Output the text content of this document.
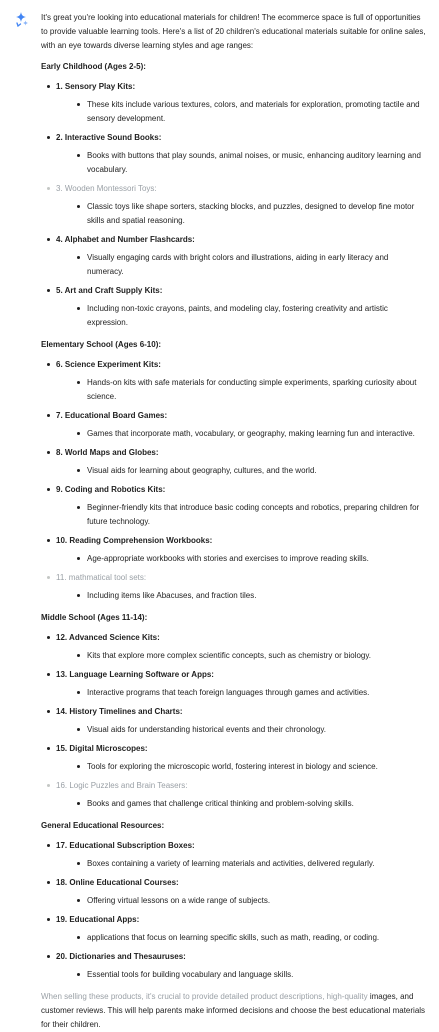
It's great you're looking into educational materials for children! The ecommerce space is full of opportunities to provide valuable learning tools. Here's a list of 20 children's educational materials suitable for online sales, with an eye towards diverse learning styles and age ranges:

Early Childhood (Ages 2-5):
1. Sensory Play Kits:
These kits include various textures, colors, and materials for exploration, promoting tactile and sensory development.
2. Interactive Sound Books:
Books with buttons that play sounds, animal noises, or music, enhancing auditory learning and vocabulary.
3. Wooden Montessori Toys:
Classic toys like shape sorters, stacking blocks, and puzzles, designed to develop fine motor skills and spatial reasoning.
4. Alphabet and Number Flashcards:
Visually engaging cards with bright colors and illustrations, aiding in early literacy and numeracy.
5. Art and Craft Supply Kits:
Including non-toxic crayons, paints, and modeling clay, fostering creativity and artistic expression.
Elementary School (Ages 6-10):
6. Science Experiment Kits:
Hands-on kits with safe materials for conducting simple experiments, sparking curiosity about science.
7. Educational Board Games:
Games that incorporate math, vocabulary, or geography, making learning fun and interactive.
8. World Maps and Globes:
Visual aids for learning about geography, cultures, and the world.
9. Coding and Robotics Kits:
Beginner-friendly kits that introduce basic coding concepts and robotics, preparing children for future technology.
10. Reading Comprehension Workbooks:
Age-appropriate workbooks with stories and exercises to improve reading skills.
11. mathmatical tool sets:
Including items like Abacuses, and fraction tiles.
Middle School (Ages 11-14):
12. Advanced Science Kits:
Kits that explore more complex scientific concepts, such as chemistry or biology.
13. Language Learning Software or Apps:
Interactive programs that teach foreign languages through games and activities.
14. History Timelines and Charts:
Visual aids for understanding historical events and their chronology.
15. Digital Microscopes:
Tools for exploring the microscopic world, fostering interest in biology and science.
16. Logic Puzzles and Brain Teasers:
Books and games that challenge critical thinking and problem-solving skills.
General Educational Resources:
17. Educational Subscription Boxes:
Boxes containing a variety of learning materials and activities, delivered regularly.
18. Online Educational Courses:
Offering virtual lessons on a wide range of subjects.
19. Educational Apps:
applications that focus on learning specific skills, such as math, reading, or coding.
20. Dictionaries and Thesauruses:
Essential tools for building vocabulary and language skills.

When selling these products, it's crucial to provide detailed product descriptions, high-quality images, and customer reviews. This will help parents make informed decisions and choose the best educational materials for their children.
